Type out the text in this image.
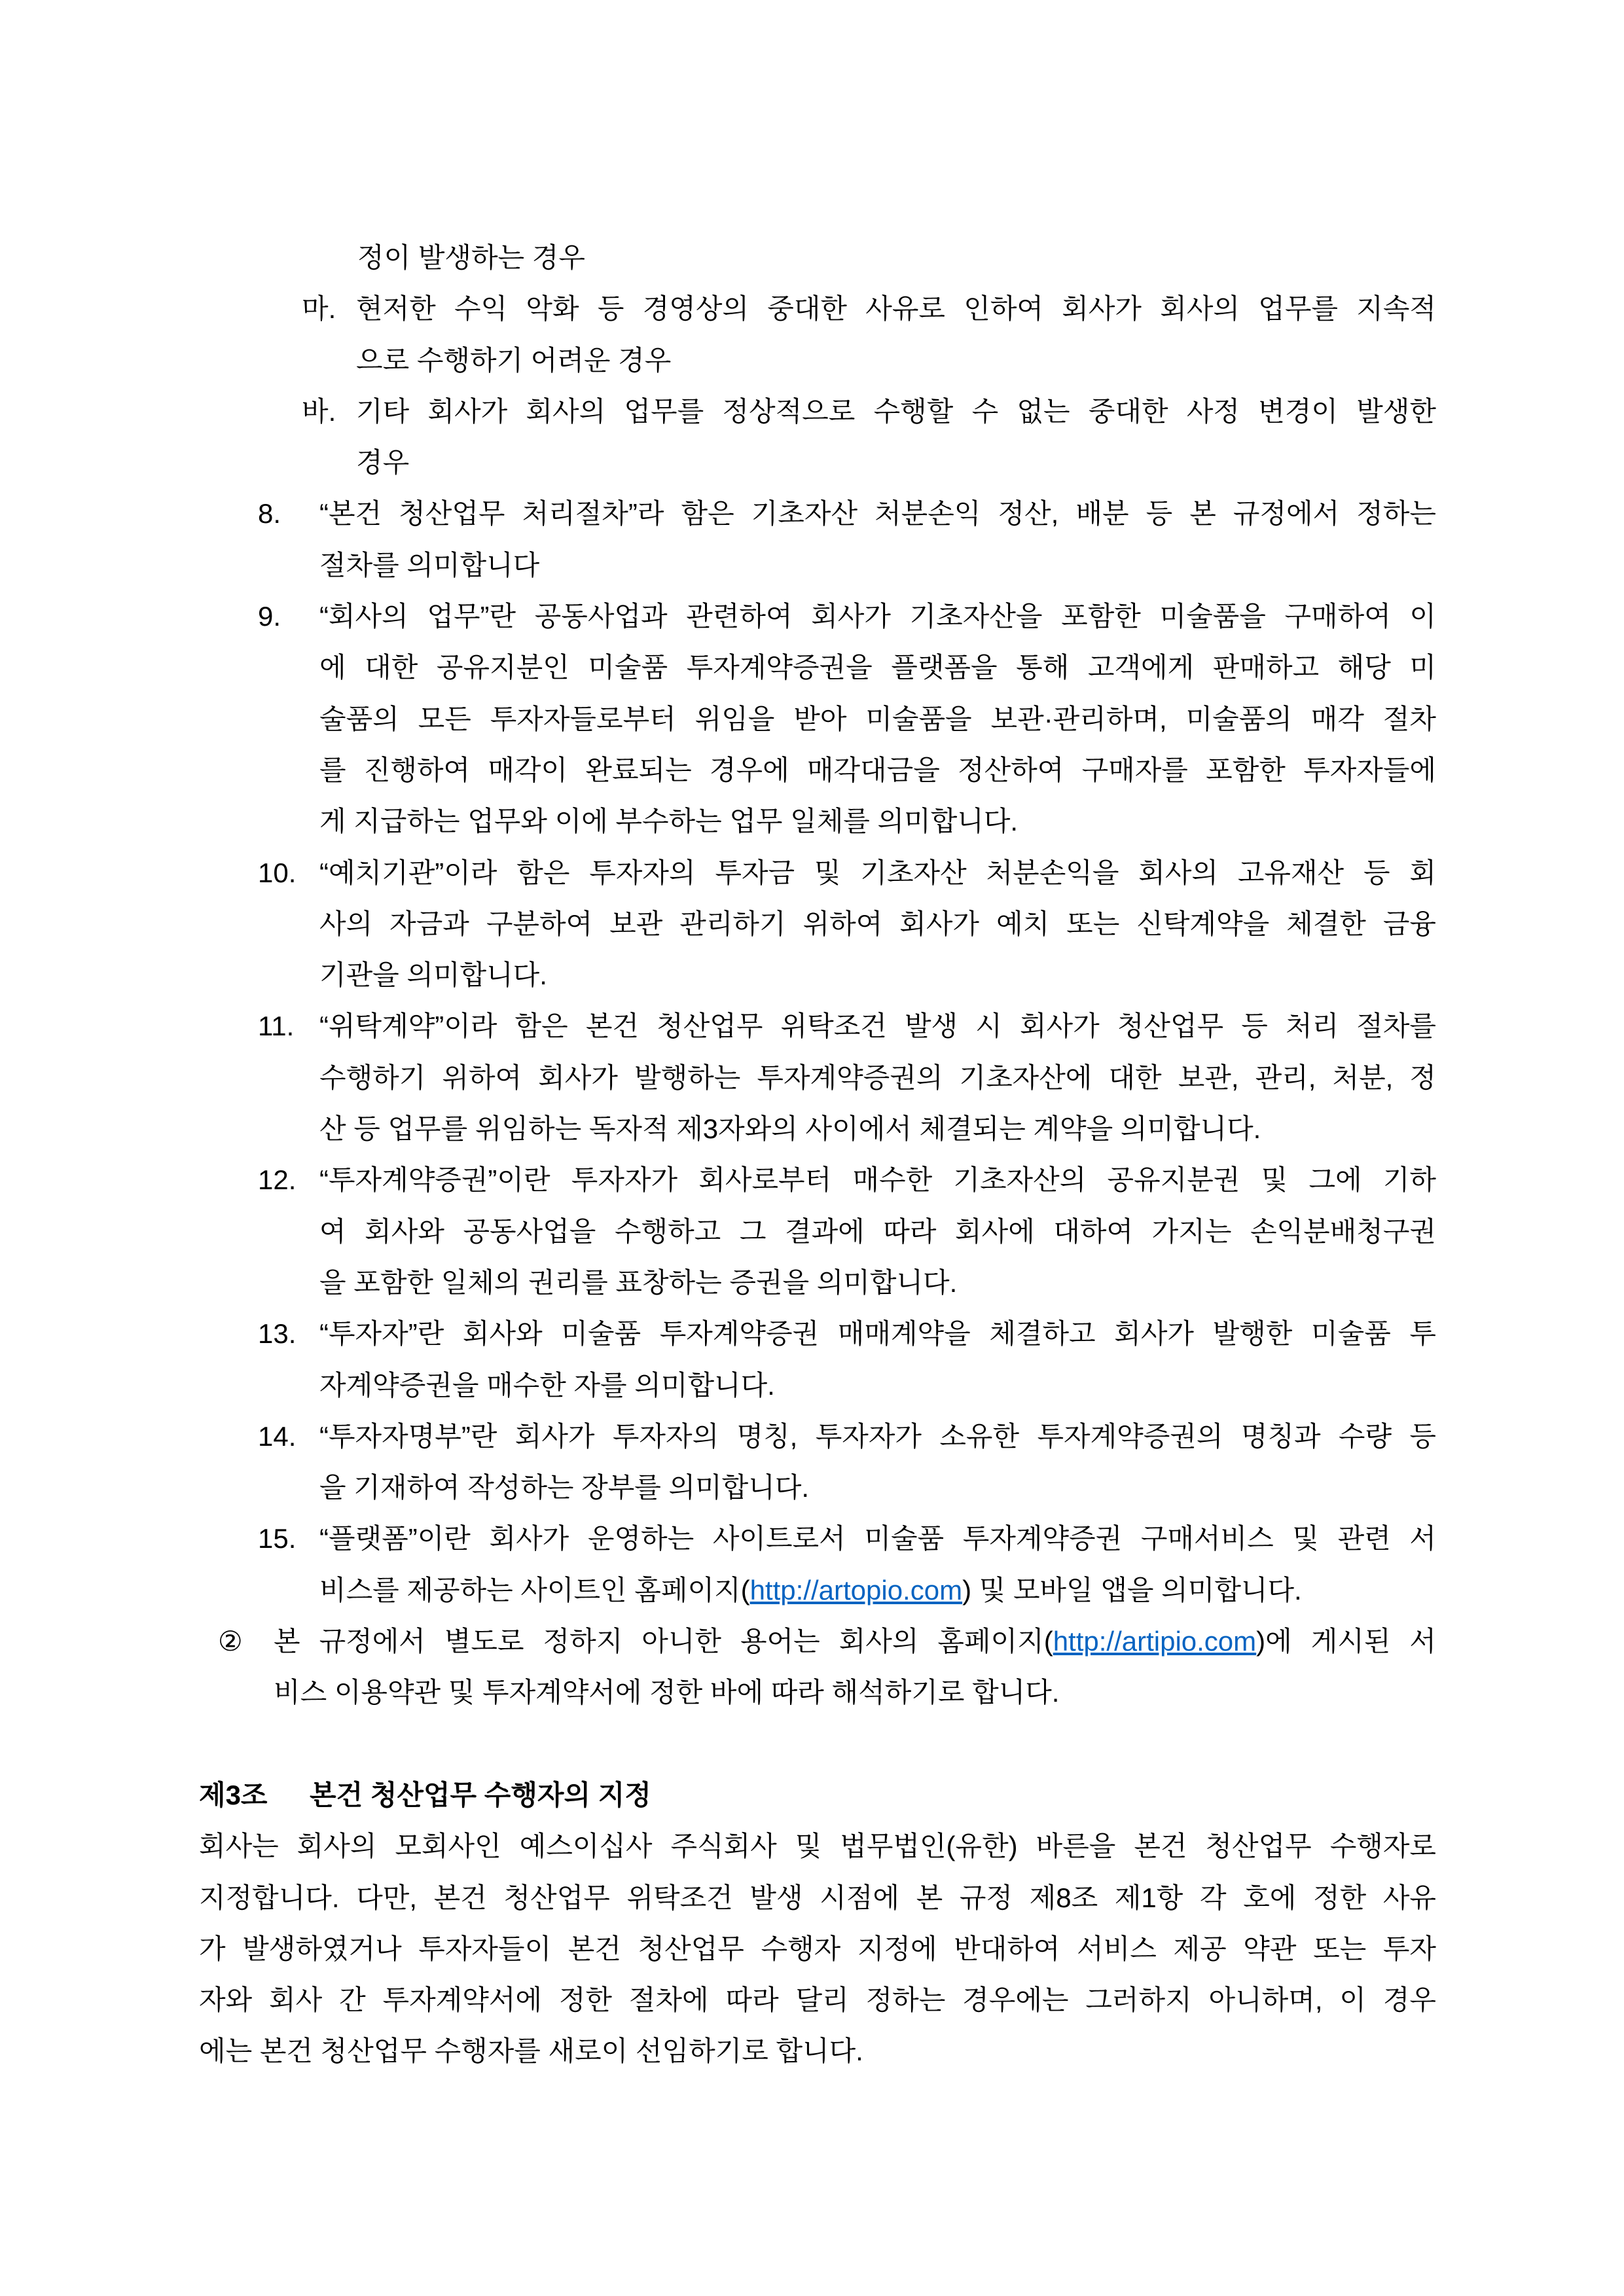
정이 발생하는 경우
마. 현저한 수익 악화 등 경영상의 중대한 사유로 인하여 회사가 회사의 업무를 지속적
으로 수행하기 어려운 경우
바. 기타 회사가 회사의 업무를 정상적으로 수행할 수 없는 중대한 사정 변경이 발생한
경우
8. “본건 청산업무 처리절차”라 함은 기초자산 처분손익 정산, 배분 등 본 규정에서 정하는
절차를 의미합니다
9. “회사의 업무”란 공동사업과 관련하여 회사가 기초자산을 포함한 미술품을 구매하여 이
에 대한 공유지분인 미술품 투자계약증권을 플랫폼을 통해 고객에게 판매하고 해당 미
술품의 모든 투자자들로부터 위임을 받아 미술품을 보관·관리하며, 미술품의 매각 절차
를 진행하여 매각이 완료되는 경우에 매각대금을 정산하여 구매자를 포함한 투자자들에
게 지급하는 업무와 이에 부수하는 업무 일체를 의미합니다.
10. “예치기관”이라 함은 투자자의 투자금 및 기초자산 처분손익을 회사의 고유재산 등 회
사의 자금과 구분하여 보관 관리하기 위하여 회사가 예치 또는 신탁계약을 체결한 금융
기관을 의미합니다.
11. “위탁계약”이라 함은 본건 청산업무 위탁조건 발생 시 회사가 청산업무 등 처리 절차를
수행하기 위하여 회사가 발행하는 투자계약증권의 기초자산에 대한 보관, 관리, 처분, 정
산 등 업무를 위임하는 독자적 제3자와의 사이에서 체결되는 계약을 의미합니다.
12. “투자계약증권”이란 투자자가 회사로부터 매수한 기초자산의 공유지분권 및 그에 기하
여 회사와 공동사업을 수행하고 그 결과에 따라 회사에 대하여 가지는 손익분배청구권
을 포함한 일체의 권리를 표창하는 증권을 의미합니다.
13. “투자자”란 회사와 미술품 투자계약증권 매매계약을 체결하고 회사가 발행한 미술품 투
자계약증권을 매수한 자를 의미합니다.
14. “투자자명부”란 회사가 투자자의 명칭, 투자자가 소유한 투자계약증권의 명칭과 수량 등
을 기재하여 작성하는 장부를 의미합니다.
15. “플랫폼”이란 회사가 운영하는 사이트로서 미술품 투자계약증권 구매서비스 및 관련 서
비스를 제공하는 사이트인 홈페이지(http://artopio.com) 및 모바일 앱을 의미합니다.
② 본 규정에서 별도로 정하지 아니한 용어는 회사의 홈페이지(http://artipio.com)에 게시된 서
비스 이용약관 및 투자계약서에 정한 바에 따라 해석하기로 합니다.
제3조 본건 청산업무 수행자의 지정
회사는 회사의 모회사인 예스이십사 주식회사 및 법무법인(유한) 바른을 본건 청산업무 수행자로
지정합니다. 다만, 본건 청산업무 위탁조건 발생 시점에 본 규정 제8조 제1항 각 호에 정한 사유
가 발생하였거나 투자자들이 본건 청산업무 수행자 지정에 반대하여 서비스 제공 약관 또는 투자
자와 회사 간 투자계약서에 정한 절차에 따라 달리 정하는 경우에는 그러하지 아니하며, 이 경우
에는 본건 청산업무 수행자를 새로이 선임하기로 합니다.
